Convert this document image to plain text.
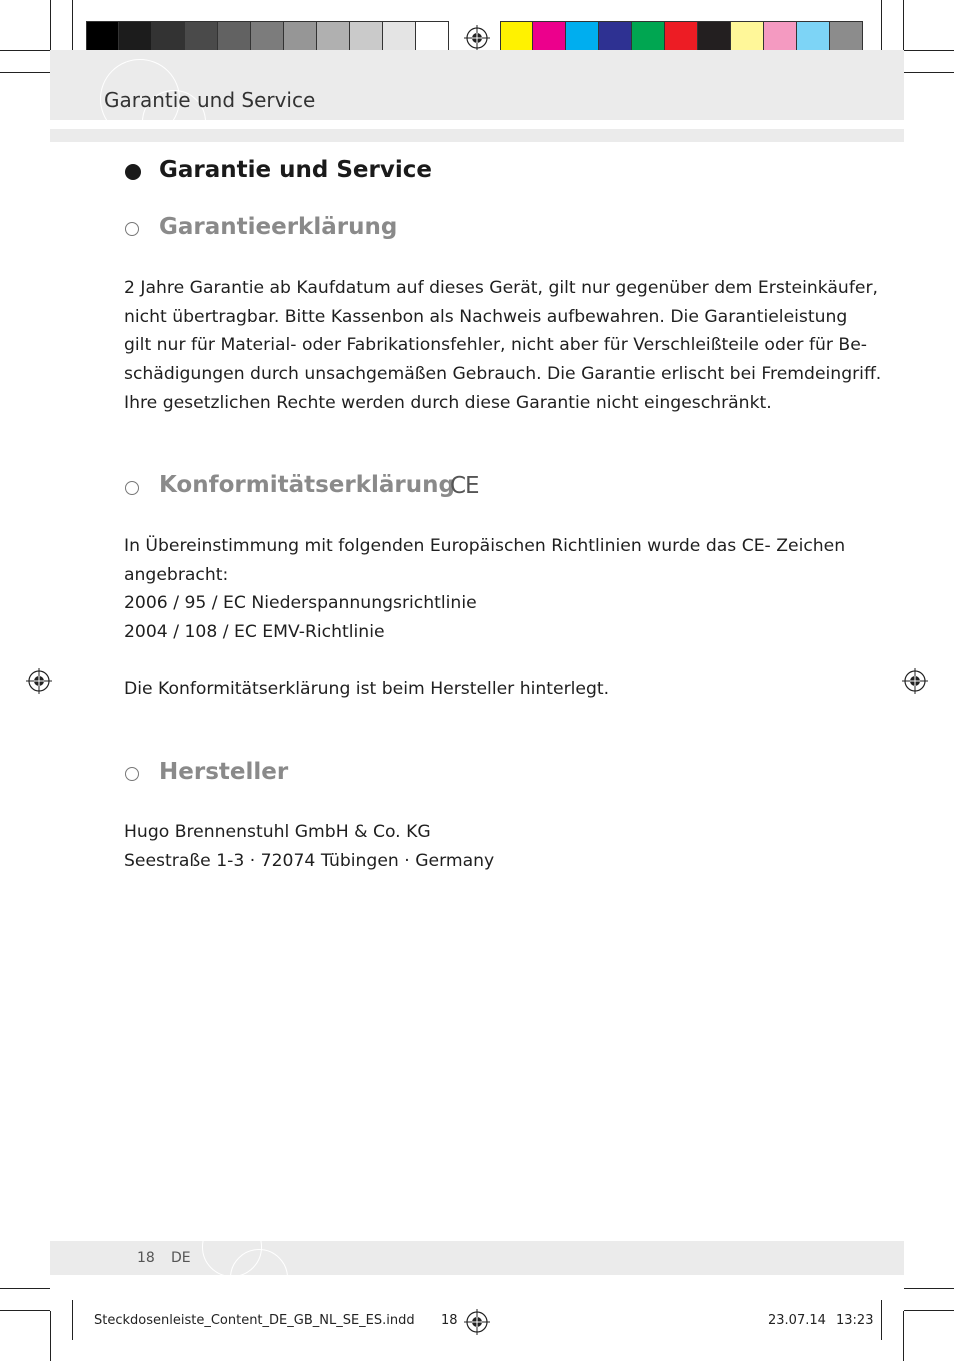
Garantie und Service
Garantie und Service
Garantieerklärung
2 Jahre Garantie ab Kaufdatum auf dieses Gerät, gilt nur gegenüber dem Ersteinkäufer,
nicht übertragbar. Bitte Kassenbon als Nachweis aufbewahren. Die Garantieleistung
gilt nur für Material- oder Fabrikationsfehler, nicht aber für Verschleißteile oder für Be-
schädigungen durch unsachgemäßen Gebrauch. Die Garantie erlischt bei Fremdeingriff.
Ihre gesetzlichen Rechte werden durch diese Garantie nicht eingeschränkt.
Konformitätserklärung
CE
In Übereinstimmung mit folgenden Europäischen Richtlinien wurde das CE- Zeichen
angebracht:
2006 / 95 / EC Niederspannungsrichtlinie
2004 / 108 / EC EMV-Richtlinie
Die Konformitätserklärung ist beim Hersteller hinterlegt.
Hersteller
Hugo Brennenstuhl GmbH & Co. KG
Seestraße 1-3 · 72074 Tübingen · Germany
18 DE
Steckdosenleiste_Content_DE_GB_NL_SE_ES.indd 18	23.07.14 13:23
